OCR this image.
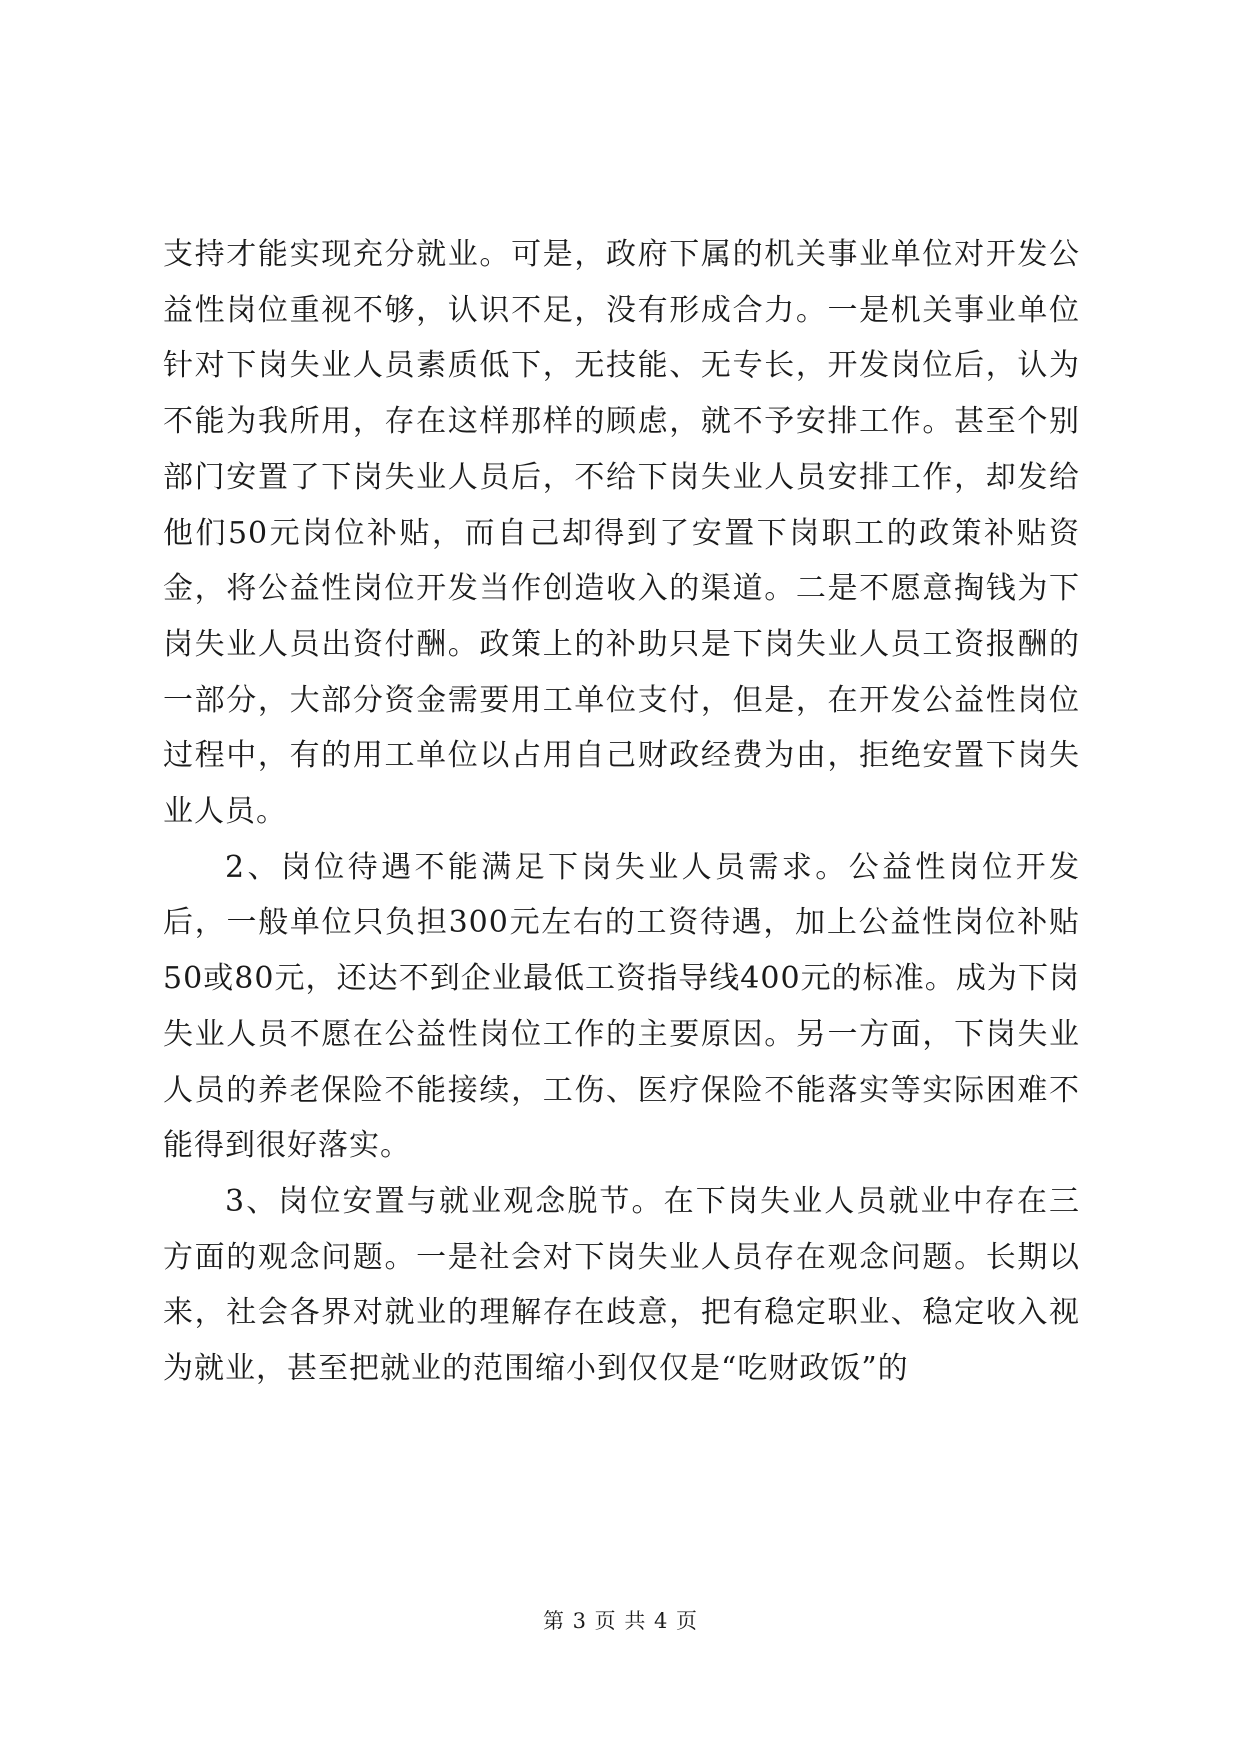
支持才能实现充分就业。可是，政府下属的机关事业单位对开发公益性岗位重视不够，认识不足，没有形成合力。一是机关事业单位针对下岗失业人员素质低下，无技能、无专长，开发岗位后，认为不能为我所用，存在这样那样的顾虑，就不予安排工作。甚至个别部门安置了下岗失业人员后，不给下岗失业人员安排工作，却发给他们50元岗位补贴，而自己却得到了安置下岗职工的政策补贴资金，将公益性岗位开发当作创造收入的渠道。二是不愿意掏钱为下岗失业人员出资付酬。政策上的补助只是下岗失业人员工资报酬的一部分，大部分资金需要用工单位支付，但是，在开发公益性岗位过程中，有的用工单位以占用自己财政经费为由，拒绝安置下岗失业人员。

2、岗位待遇不能满足下岗失业人员需求。公益性岗位开发后，一般单位只负担300元左右的工资待遇，加上公益性岗位补贴50或80元，还达不到企业最低工资指导线400元的标准。成为下岗失业人员不愿在公益性岗位工作的主要原因。另一方面，下岗失业人员的养老保险不能接续，工伤、医疗保险不能落实等实际困难不能得到很好落实。

3、岗位安置与就业观念脱节。在下岗失业人员就业中存在三方面的观念问题。一是社会对下岗失业人员存在观念问题。长期以来，社会各界对就业的理解存在歧意，把有稳定职业、稳定收入视为就业，甚至把就业的范围缩小到仅仅是“吃财政饭”的

第 3 页 共 4 页
